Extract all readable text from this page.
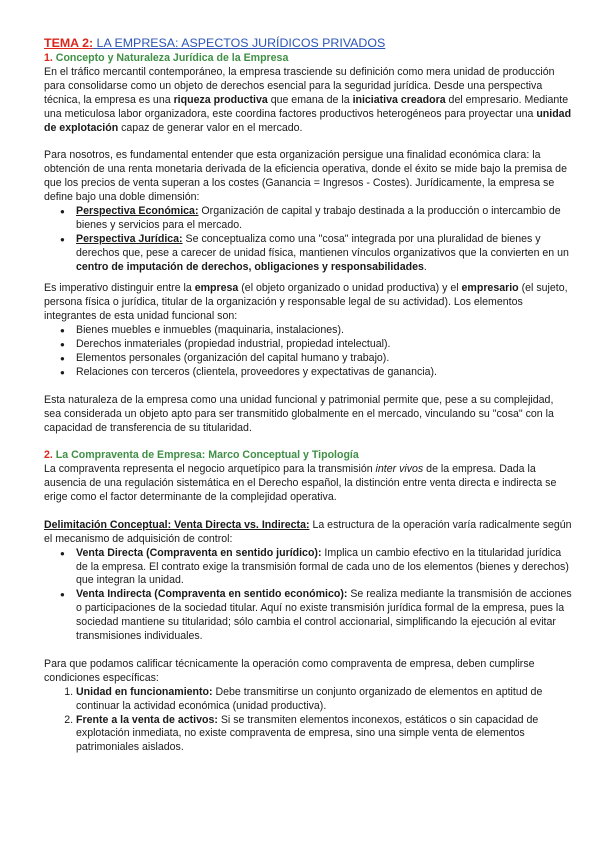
TEMA 2: LA EMPRESA: ASPECTOS JURÍDICOS PRIVADOS
1. Concepto y Naturaleza Jurídica de la Empresa

En el tráfico mercantil contemporáneo, la empresa trasciende su definición como mera unidad de producción para consolidarse como un objeto de derechos esencial para la seguridad jurídica. Desde una perspectiva técnica, la empresa es una riqueza productiva que emana de la iniciativa creadora del empresario. Mediante una meticulosa labor organizadora, este coordina factores productivos heterogéneos para proyectar una unidad de explotación capaz de generar valor en el mercado.

Para nosotros, es fundamental entender que esta organización persigue una finalidad económica clara: la obtención de una renta monetaria derivada de la eficiencia operativa, donde el éxito se mide bajo la premisa de que los precios de venta superan a los costes (Ganancia = Ingresos - Costes). Jurídicamente, la empresa se define bajo una doble dimensión:

● Perspectiva Económica: Organización de capital y trabajo destinada a la producción o intercambio de bienes y servicios para el mercado.
● Perspectiva Jurídica: Se conceptualiza como una "cosa" integrada por una pluralidad de bienes y derechos que, pese a carecer de unidad física, mantienen vínculos organizativos que la convierten en un centro de imputación de derechos, obligaciones y responsabilidades.

Es imperativo distinguir entre la empresa (el objeto organizado o unidad productiva) y el empresario (el sujeto, persona física o jurídica, titular de la organización y responsable legal de su actividad). Los elementos integrantes de esta unidad funcional son:

● Bienes muebles e inmuebles (maquinaria, instalaciones).
● Derechos inmateriales (propiedad industrial, propiedad intelectual).
● Elementos personales (organización del capital humano y trabajo).
● Relaciones con terceros (clientela, proveedores y expectativas de ganancia).

Esta naturaleza de la empresa como una unidad funcional y patrimonial permite que, pese a su complejidad, sea considerada un objeto apto para ser transmitido globalmente en el mercado, vinculando su "cosa" con la capacidad de transferencia de su titularidad.

2. La Compraventa de Empresa: Marco Conceptual y Tipología

La compraventa representa el negocio arquetípico para la transmisión inter vivos de la empresa. Dada la ausencia de una regulación sistemática en el Derecho español, la distinción entre venta directa e indirecta se erige como el factor determinante de la complejidad operativa.

Delimitación Conceptual: Venta Directa vs. Indirecta: La estructura de la operación varía radicalmente según el mecanismo de adquisición de control:

● Venta Directa (Compraventa en sentido jurídico): Implica un cambio efectivo en la titularidad jurídica de la empresa. El contrato exige la transmisión formal de cada uno de los elementos (bienes y derechos) que integran la unidad.
● Venta Indirecta (Compraventa en sentido económico): Se realiza mediante la transmisión de acciones o participaciones de la sociedad titular. Aquí no existe transmisión jurídica formal de la empresa, pues la sociedad mantiene su titularidad; sólo cambia el control accionarial, simplificando la ejecución al evitar transmisiones individuales.

Para que podamos calificar técnicamente la operación como compraventa de empresa, deben cumplirse condiciones específicas:

1. Unidad en funcionamiento: Debe transmitirse un conjunto organizado de elementos en aptitud de continuar la actividad económica (unidad productiva).
2. Frente a la venta de activos: Si se transmiten elementos inconexos, estáticos o sin capacidad de explotación inmediata, no existe compraventa de empresa, sino una simple venta de elementos patrimoniales aislados.
